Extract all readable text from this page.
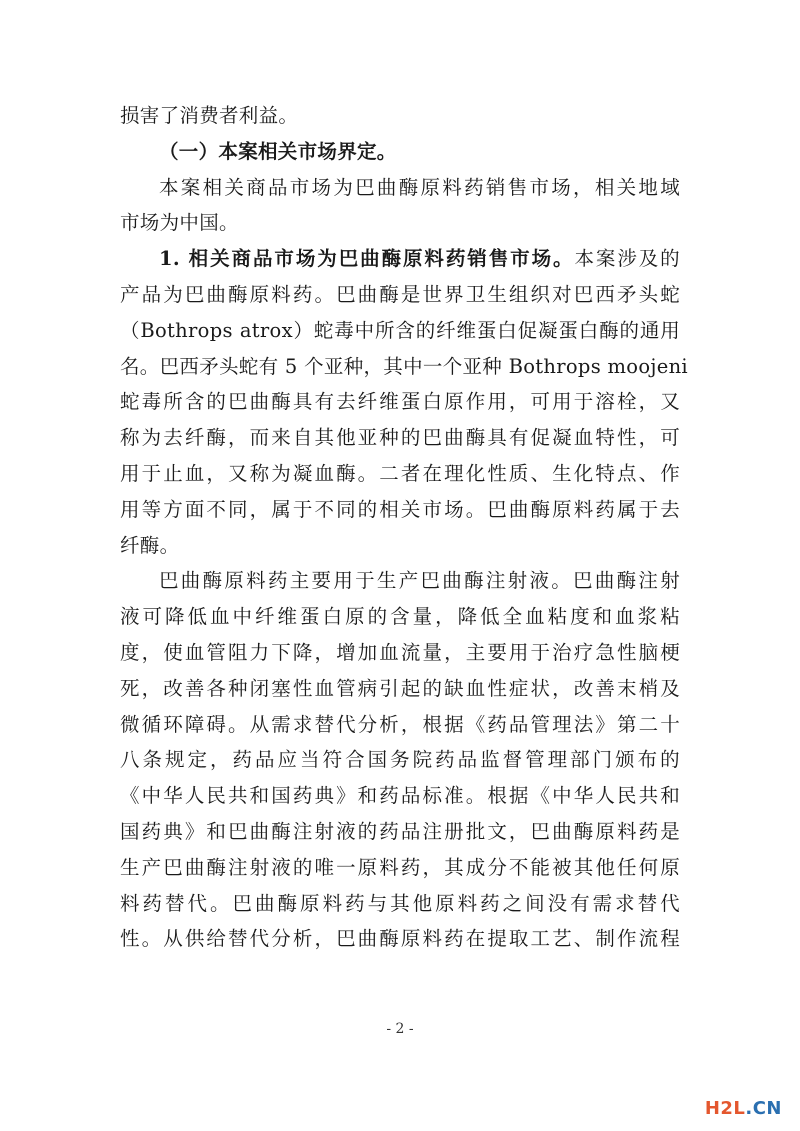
损害了消费者利益。
（一）本案相关市场界定。
本案相关商品市场为巴曲酶原料药销售市场，相关地域
市场为中国。
1. 相关商品市场为巴曲酶原料药销售市场。本案涉及的
产品为巴曲酶原料药。巴曲酶是世界卫生组织对巴西矛头蛇
（Bothrops atrox）蛇毒中所含的纤维蛋白促凝蛋白酶的通用
名。巴西矛头蛇有 5 个亚种，其中一个亚种 Bothrops moojeni
蛇毒所含的巴曲酶具有去纤维蛋白原作用，可用于溶栓，又
称为去纤酶，而来自其他亚种的巴曲酶具有促凝血特性，可
用于止血，又称为凝血酶。二者在理化性质、生化特点、作
用等方面不同，属于不同的相关市场。巴曲酶原料药属于去
纤酶。
巴曲酶原料药主要用于生产巴曲酶注射液。巴曲酶注射
液可降低血中纤维蛋白原的含量，降低全血粘度和血浆粘
度，使血管阻力下降，增加血流量，主要用于治疗急性脑梗
死，改善各种闭塞性血管病引起的缺血性症状，改善末梢及
微循环障碍。从需求替代分析，根据《药品管理法》第二十
八条规定，药品应当符合国务院药品监督管理部门颁布的
《中华人民共和国药典》和药品标准。根据《中华人民共和
国药典》和巴曲酶注射液的药品注册批文，巴曲酶原料药是
生产巴曲酶注射液的唯一原料药，其成分不能被其他任何原
料药替代。巴曲酶原料药与其他原料药之间没有需求替代
性。从供给替代分析，巴曲酶原料药在提取工艺、制作流程
- 2 -
H2L.CN
